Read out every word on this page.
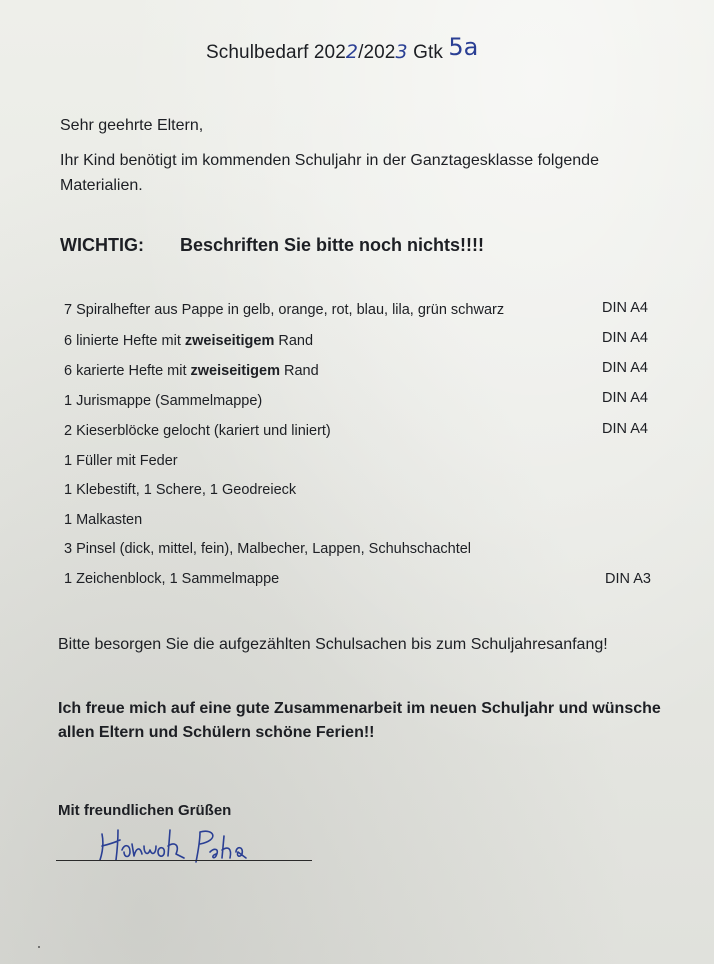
Schulbedarf 2022/2023 Gtk 5a
Sehr geehrte Eltern,
Ihr Kind benötigt im kommenden Schuljahr in der Ganztagesklasse folgende Materialien.
WICHTIG: Beschriften Sie bitte noch nichts!!!!
7 Spiralhefter aus Pappe in gelb, orange, rot, blau, lila, grün schwarz	DIN A4
6 linierte Hefte mit zweiseitigem Rand	DIN A4
6 karierte Hefte mit zweiseitigem Rand	DIN A4
1 Jurismappe (Sammelmappe)	DIN A4
2 Kieserblöcke gelocht (kariert und liniert)	DIN A4
1 Füller mit Feder
1 Klebestift, 1 Schere, 1 Geodreieck
1 Malkasten
3 Pinsel (dick, mittel, fein), Malbecher, Lappen, Schuhschachtel
1 Zeichenblock, 1 Sammelmappe	DIN A3
Bitte besorgen Sie die aufgezählten Schulsachen bis zum Schuljahresanfang!
Ich freue mich auf eine gute Zusammenarbeit im neuen Schuljahr und wünsche allen Eltern und Schülern schöne Ferien!!
Mit freundlichen Grüßen
